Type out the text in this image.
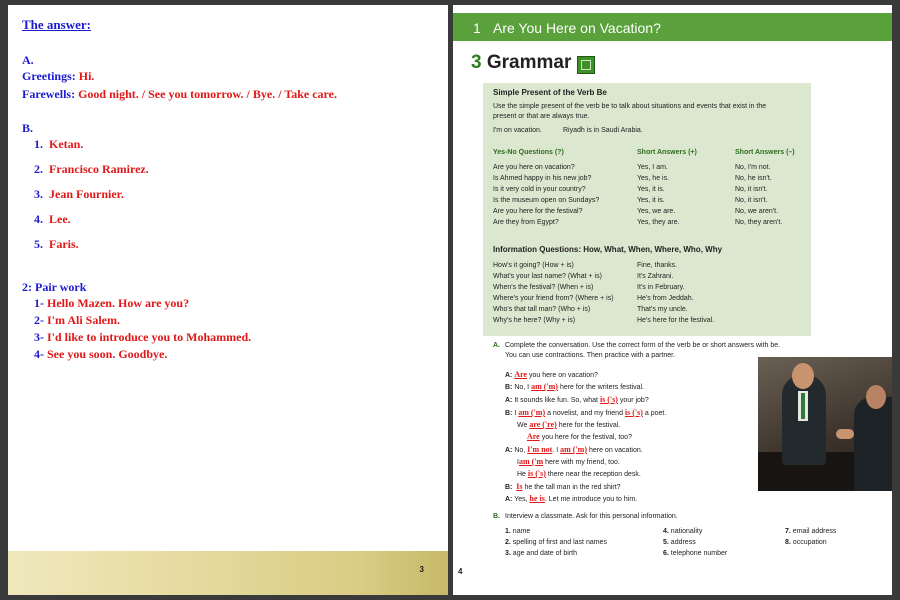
The answer:
A.
Greetings: Hi.
Farewells: Good night. / See you tomorrow. / Bye. / Take care.
B.
1. Ketan.
2. Francisco Ramirez.
3. Jean Fournier.
4. Lee.
5. Faris.
2: Pair work
1- Hello Mazen. How are you?
2- I'm Ali Salem.
3- I'd like to introduce you to Mohammed.
4- See you soon. Goodbye.
3
1 Are You Here on Vacation?
3 Grammar
Simple Present of the Verb Be
Use the simple present of the verb be to talk about situations and events that exist in the
present or that are always true.
I'm on vacation.	Riyadh is in Saudi Arabia.
Yes-No Questions (?)	Short Answers (+)	Short Answers (–)
Are you here on vacation?	Yes, I am.	No, I'm not.
Is Ahmed happy in his new job?	Yes, he is.	No, he isn't.
Is it very cold in your country?	Yes, it is.	No, it isn't.
Is the museum open on Sundays?	Yes, it is.	No, it isn't.
Are you here for the festival?	Yes, we are.	No, we aren't.
Are they from Egypt?	Yes, they are.	No, they aren't.
Information Questions: How, What, When, Where, Who, Why
How's it going? (How + is)	Fine, thanks.
What's your last name? (What + is)	It's Zahrani.
When's the festival? (When + is)	It's in February.
Where's your friend from? (Where + is)	He's from Jeddah.
Who's that tall man? (Who + is)	That's my uncle.
Why's he here? (Why + is)	He's here for the festival.
A. Complete the conversation. Use the correct form of the verb be or short answers with be.
You can use contractions. Then practice with a partner.
A: Are you here on vacation?
B: No, I am ('m) here for the writers festival.
A: It sounds like fun. So, what is ('s) your job?
B: I am ('m) a novelist, and my friend is ('s) a poet.
We are ('re) here for the festival.
Are you here for the festival, too?
A: No, I'm not. I am ('m) here on vacation.
Iam ('m here with my friend, too.
He is ('s) there near the reception desk.
B: Is he the tall man in the red shirt?
A: Yes, he is. Let me introduce you to him.
B. Interview a classmate. Ask for this personal information.
1. name
2. spelling of first and last names
3. age and date of birth
4. nationality
5. address
6. telephone number
7. email address
8. occupation
4
